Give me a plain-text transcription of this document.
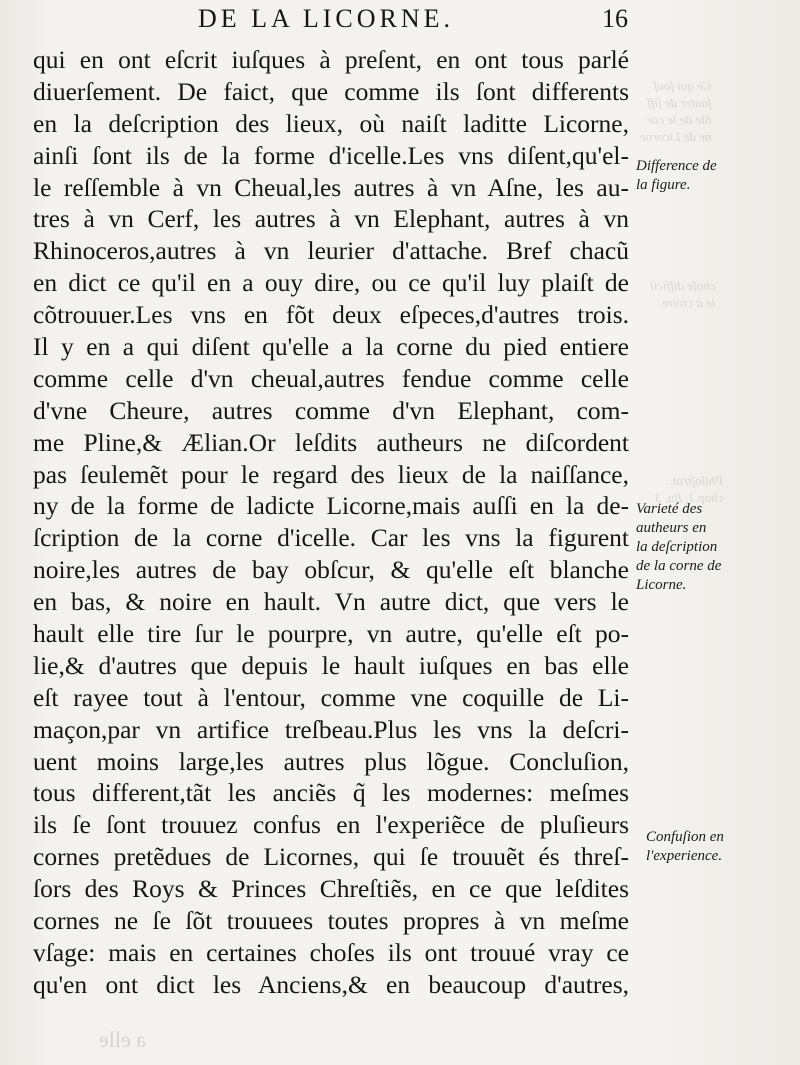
Ce qui ſauſ
fauter de ſiff
ñle de le cor
ne de Licorne

choſe difficil
le à croire.

Philoſtrat.
chap.1. liu. 3

DE LA LICORNE.	16
qui en ont eſcrit iuſques à preſent, en ont tous parlé
diuerſement. De faict, que comme ils ſont differents
en la deſcription des lieux, où naiſt laditte Licorne,
ainſi ſont ils de la forme d'icelle.Les vns diſent,qu'el-
le reſſemble à vn Cheual,les autres à vn Aſne, les au-
tres à vn Cerf, les autres à vn Elephant, autres à vn
Rhinoceros,autres à vn leurier d'attache. Bref chacũ
en dict ce qu'il en a ouy dire, ou ce qu'il luy plaiſt de
cõtrouuer.Les vns en fõt deux eſpeces,d'autres trois.
Il y en a qui diſent qu'elle a la corne du pied entiere
comme celle d'vn cheual,autres fendue comme celle
d'vne Cheure, autres comme d'vn Elephant, com-
me Pline,& Ælian.Or leſdits autheurs ne diſcordent
pas ſeulemẽt pour le regard des lieux de la naiſſance,
ny de la forme de ladicte Licorne,mais auſſi en la de-
ſcription de la corne d'icelle. Car les vns la figurent
noire,les autres de bay obſcur, & qu'elle eſt blanche
en bas, & noire en hault. Vn autre dict, que vers le
hault elle tire ſur le pourpre, vn autre, qu'elle eſt po-
lie,& d'autres que depuis le hault iuſques en bas elle
eſt rayee tout à l'entour, comme vne coquille de Li-
maçon,par vn artifice treſbeau.Plus les vns la deſcri-
uent moins large,les autres plus lõgue. Concluſion,
tous different,tãt les anciẽs q̃ les modernes: meſmes
ils ſe ſont trouuez confus en l'experiẽce de pluſieurs
cornes pretẽdues de Licornes, qui ſe trouuẽt és threſ-
ſors des Roys & Princes Chreſtiẽs, en ce que leſdites
cornes ne ſe ſõt trouuees toutes propres à vn meſme
vſage: mais en certaines choſes ils ont trouué vray ce
qu'en ont dict les Anciens,& en beaucoup d'autres,
Difference de
la figure.
Varieté des
autheurs en
la deſcription
de la corne de
Licorne.
Confuſion en
l'experience.
a elle
